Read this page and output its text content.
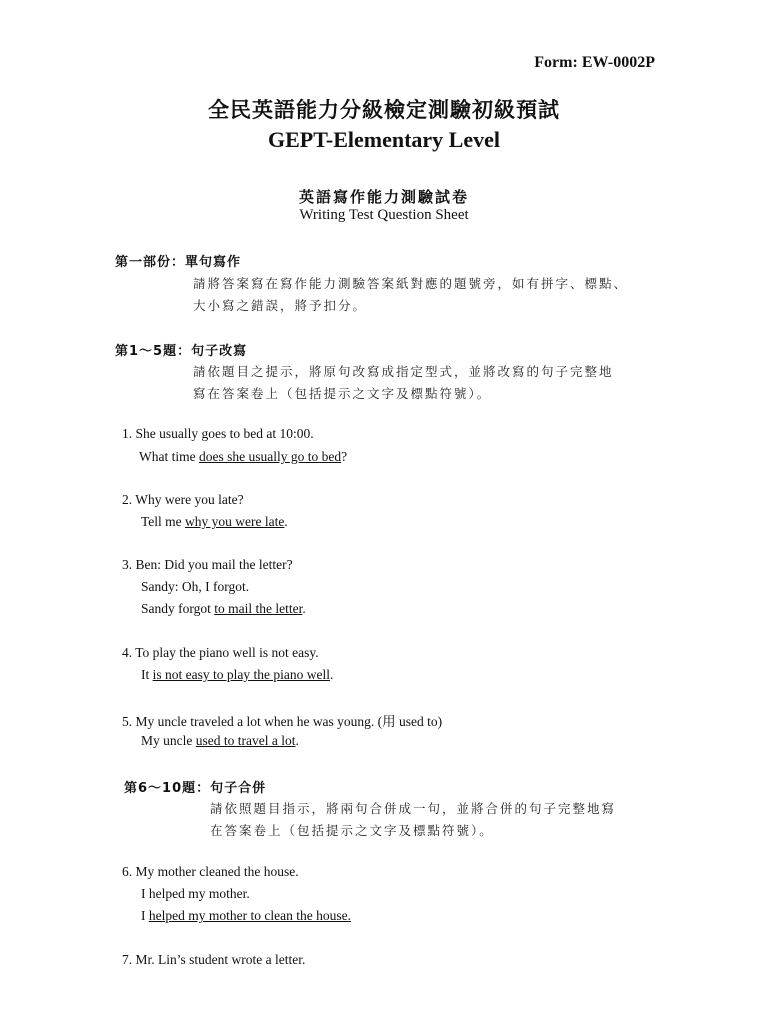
Form: EW-0002P
全民英語能力分級檢定測驗初級預試
GEPT-Elementary Level
英語寫作能力測驗試卷
Writing Test Question Sheet
第一部份：單句寫作
請將答案寫在寫作能力測驗答案紙對應的題號旁，如有拼字、標點、
大小寫之錯誤，將予扣分。
第1～5題：句子改寫
請依題目之提示，將原句改寫成指定型式，並將改寫的句子完整地
寫在答案卷上（包括提示之文字及標點符號）。
1. She usually goes to bed at 10:00.
What time does she usually go to bed?
2. Why were you late?
Tell me why you were late.
3. Ben: Did you mail the letter?
Sandy: Oh, I forgot.
Sandy forgot to mail the letter.
4. To play the piano well is not easy.
It is not easy to play the piano well.
5. My uncle traveled a lot when he was young. (用 used to)
My uncle used to travel a lot.
第6～10題：句子合併
請依照題目指示，將兩句合併成一句，並將合併的句子完整地寫
在答案卷上（包括提示之文字及標點符號）。
6. My mother cleaned the house.
I helped my mother.
I helped my mother to clean the house.
7. Mr. Lin’s student wrote a letter.
